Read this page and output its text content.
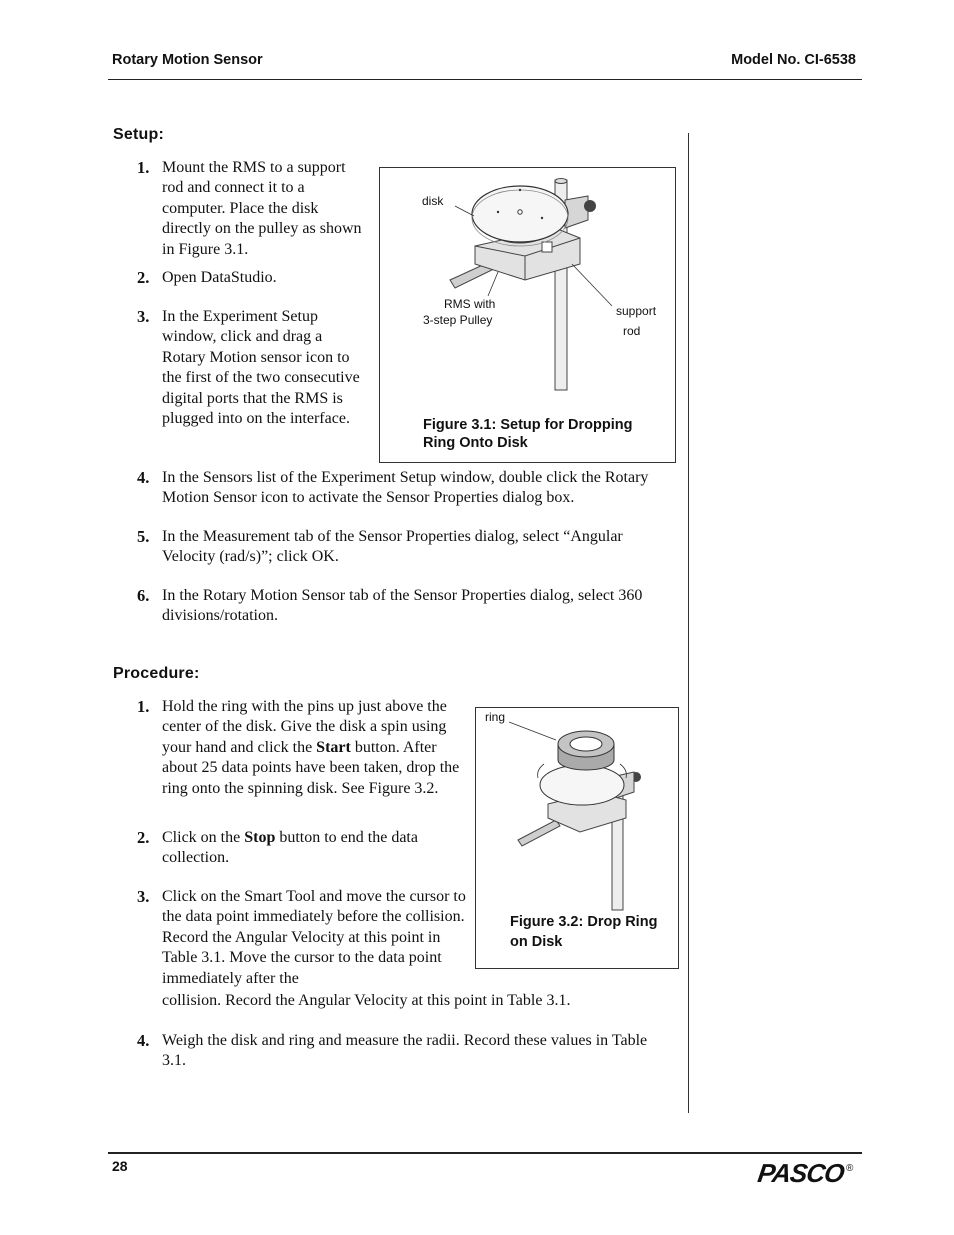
Rotary Motion Sensor	Model No. CI-6538
Setup:
1. Mount the RMS to a support rod and connect it to a computer. Place the disk directly on the pulley as shown in Figure 3.1.
2. Open DataStudio.
3. In the Experiment Setup window, click and drag a Rotary Motion sensor icon to the first of the two consecutive digital ports that the RMS is plugged into on the interface.
disk
RMS with
3-step Pulley
support
rod
Figure 3.1: Setup for Dropping
Ring Onto Disk
4. In the Sensors list of the Experiment Setup window, double click the Rotary Motion Sensor icon to activate the Sensor Properties dialog box.
5. In the Measurement tab of the Sensor Properties dialog, select “Angular Velocity (rad/s)”; click OK.
6. In the Rotary Motion Sensor tab of the Sensor Properties dialog, select 360 divisions/rotation.
Procedure:
1. Hold the ring with the pins up just above the center of the disk. Give the disk a spin using your hand and click the Start button. After about 25 data points have been taken, drop the ring onto the spinning disk. See Figure 3.2.
2. Click on the Stop button to end the data collection.
3. Click on the Smart Tool and move the cursor to the data point immediately before the collision. Record the Angular Velocity at this point in Table 3.1. Move the cursor to the data point immediately after the
collision. Record the Angular Velocity at this point in Table 3.1.
ring
Figure 3.2: Drop Ring
on Disk
4. Weigh the disk and ring and measure the radii. Record these values in Table 3.1.
28	PASCO ®
